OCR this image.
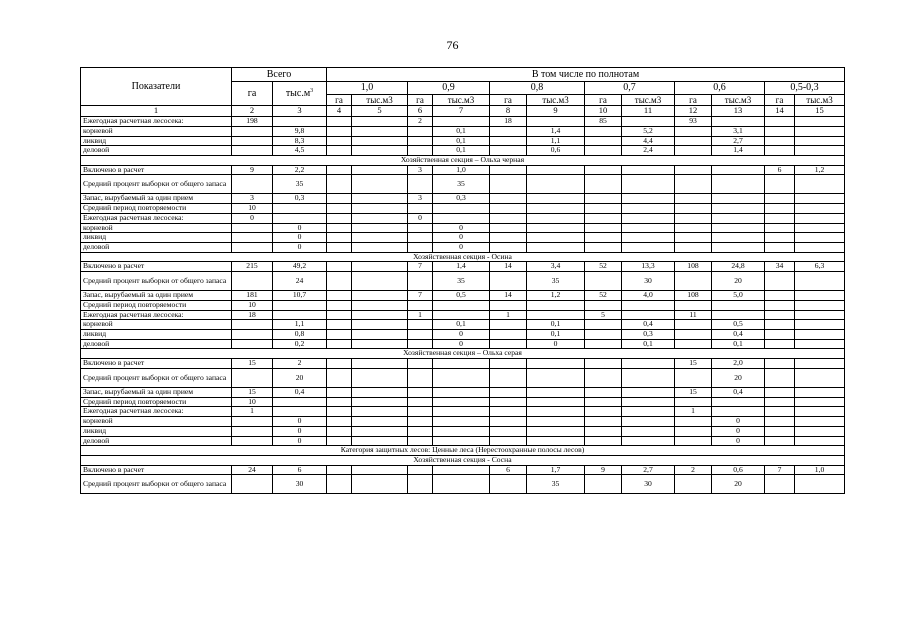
76
Показатели	Всего		В том числе по полнотам											
	га	$тыс.м^3$	1,0		0,9		0,8		0,7		0,6		0,5-0,3	
			га	тыс.м3	га	тыс.м3	га	тыс.м3	га	тыс.м3	га	тыс.м3	га	тыс.м3
1	2	3	4	5	6	7	8	9	10	11	12	13	14	15
Ежегодная расчетная лесосека:	198				2		18		85		93			
корневой		9,8				0,1		1,4		5,2		3,1		
ликвид		8,3				0,1		1,1		4,4		2,7		
деловой		4,5				0,1		0,6		2,4		1,4		
Хозяйственная секция – Ольха черная														
Включено в расчет	9	2,2			3	1,0							6	1,2
Средний процент выборки от общего запаса		35				35								
Запас, вырубаемый за один прием	3	0,3			3	0,3								
Средний период повторяемости	10													
Ежегодная расчетная лесосека:	0				0									
корневой		0				0								
ликвид		0				0								
деловой		0				0								
Хозяйственная секция - Осина														
Включено в расчет	215	49,2			7	1,4	14	3,4	52	13,3	108	24,8	34	6,3
Средний процент выборки от общего запаса		24				35		35		30		20		
Запас, вырубаемый за один прием	181	10,7			7	0,5	14	1,2	52	4,0	108	5,0		
Средний период повторяемости	10													
Ежегодная расчетная лесосека:	18				1		1		5		11			
корневой		1,1				0,1		0,1		0,4		0,5		
ликвид		0,8				0		0,1		0,3		0,4		
деловой		0,2				0		0		0,1		0,1		
Хозяйственная секция – Ольха серая														
Включено в расчет	15	2									15	2,0		
Средний процент выборки от общего запаса		20										20		
Запас, вырубаемый за один прием	15	0,4									15	0,4		
Средний период повторяемости	10													
Ежегодная расчетная лесосека:	1										1			
корневой		0										0		
ликвид		0										0		
деловой		0										0		
Категория защитных лесов: Ценные леса (Нерестоохранные полосы лесов)														
Хозяйственная секция - Сосна														
Включено в расчет	24	6					6	1,7	9	2,7	2	0,6	7	1,0
Средний процент выборки от общего запаса		30						35		30		20		
